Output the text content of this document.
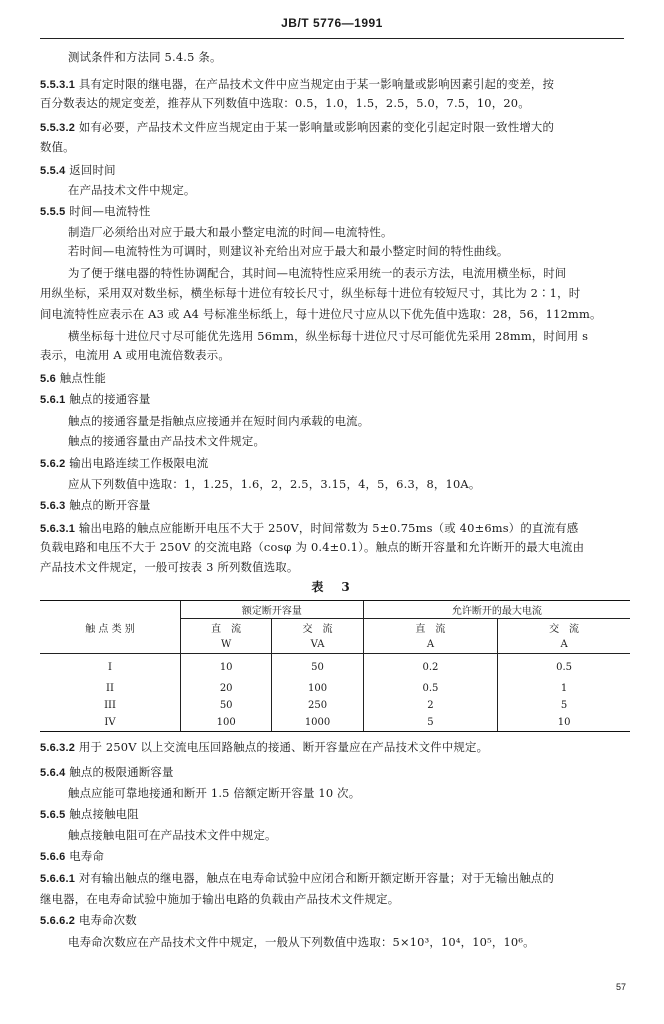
JB/T 5776—1991
测试条件和方法同 5.4.5 条。
5.5.3.1 具有定时限的继电器，在产品技术文件中应当规定由于某一影响量或影响因素引起的变差，按
百分数表达的规定变差，推荐从下列数值中选取：0.5，1.0，1.5，2.5，5.0，7.5，10，20。
5.5.3.2 如有必要，产品技术文件应当规定由于某一影响量或影响因素的变化引起定时限一致性增大的
数值。
5.5.4 返回时间
在产品技术文件中规定。
5.5.5 时间—电流特性
制造厂必须给出对应于最大和最小整定电流的时间—电流特性。
若时间—电流特性为可调时，则建议补充给出对应于最大和最小整定时间的特性曲线。
为了便于继电器的特性协调配合，其时间—电流特性应采用统一的表示方法，电流用横坐标，时间
用纵坐标，采用双对数坐标，横坐标每十进位有较长尺寸，纵坐标每十进位有较短尺寸，其比为 2∶1，时
间电流特性应表示在 A3 或 A4 号标准坐标纸上，每十进位尺寸应从以下优先值中选取：28，56，112mm。
横坐标每十进位尺寸尽可能优先选用 56mm，纵坐标每十进位尺寸尽可能优先采用 28mm，时间用 s
表示，电流用 A 或用电流倍数表示。
5.6 触点性能
5.6.1 触点的接通容量
触点的接通容量是指触点应接通并在短时间内承载的电流。
触点的接通容量由产品技术文件规定。
5.6.2 输出电路连续工作极限电流
应从下列数值中选取：1，1.25，1.6，2，2.5，3.15，4，5，6.3，8，10A。
5.6.3 触点的断开容量
5.6.3.1 输出电路的触点应能断开电压不大于 250V，时间常数为 5±0.75ms（或 40±6ms）的直流有感
负载电路和电压不大于 250V 的交流电路（cosφ 为 0.4±0.1）。触点的断开容量和允许断开的最大电流由
产品技术文件规定，一般可按表 3 所列数值选取。
表　3
触 点 类 别	额定断开容量		允许断开的最大电流	
	直　流	交　流	直　流	交　流
	W	VA	A	A
I	10	50	0.2	0.5
II	20	100	0.5	1
III	50	250	2	5
IV	100	1000	5	10
5.6.3.2 用于 250V 以上交流电压回路触点的接通、断开容量应在产品技术文件中规定。
5.6.4 触点的极限通断容量
触点应能可靠地接通和断开 1.5 倍额定断开容量 10 次。
5.6.5 触点接触电阻
触点接触电阻可在产品技术文件中规定。
5.6.6 电寿命
5.6.6.1 对有输出触点的继电器，触点在电寿命试验中应闭合和断开额定断开容量；对于无输出触点的
继电器，在电寿命试验中施加于输出电路的负载由产品技术文件规定。
5.6.6.2 电寿命次数
电寿命次数应在产品技术文件中规定，一般从下列数值中选取：5×10³，10⁴，10⁵，10⁶。
57
